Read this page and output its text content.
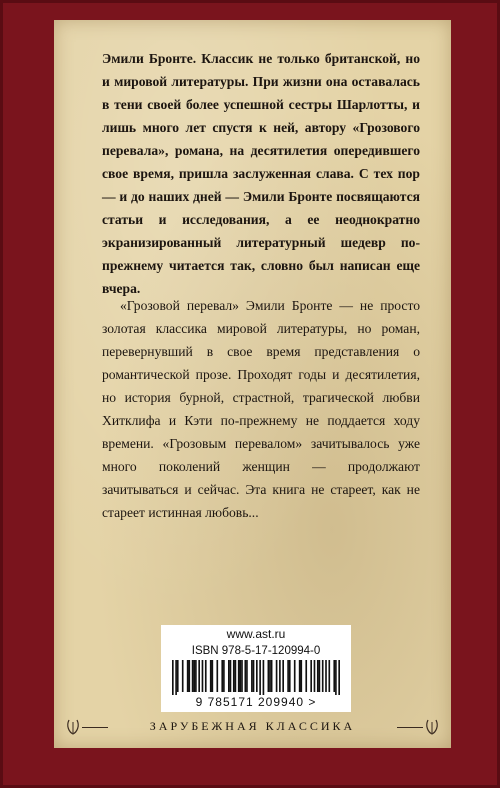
Эмили Бронте. Классик не только британской, но и мировой литературы. При жизни она оставалась в тени своей более успешной сестры Шарлотты, и лишь много лет спустя к ней, автору «Грозового перевала», романа, на десятилетия опередившего свое время, пришла заслуженная слава. С тех пор — и до наших дней — Эмили Бронте посвящаются статьи и исследования, а ее неоднократно экранизированный литературный шедевр по-прежнему читается так, словно был написан еще вчера.

«Грозовой перевал» Эмили Бронте — не просто золотая классика мировой литературы, но роман, перевернувший в свое время представления о романтической прозе. Проходят годы и десятилетия, но история бурной, страстной, трагической любви Хитклифа и Кэти по-прежнему не поддается ходу времени. «Грозовым перевалом» зачитывалось уже много поколений женщин — продолжают зачитываться и сейчас. Эта книга не стареет, как не стареет истинная любовь...

www.ast.ru
ISBN 978-5-17-120994-0
9 785171 209940 >
ЗАРУБЕЖНАЯ КЛАССИКА
